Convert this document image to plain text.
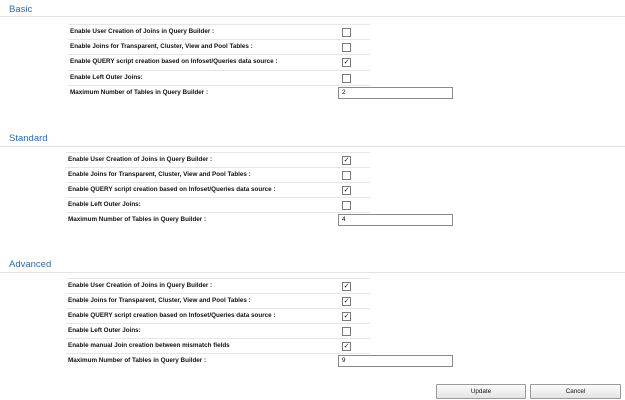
Basic
Enable User Creation of Joins in Query Builder :
Enable Joins for Transparent, Cluster, View and Pool Tables :
Enable QUERY script creation based on Infoset/Queries data source :	✓
Enable Left Outer Joins:
Maximum Number of Tables in Query Builder :	2
Standard
Enable User Creation of Joins in Query Builder :	✓
Enable Joins for Transparent, Cluster, View and Pool Tables :
Enable QUERY script creation based on Infoset/Queries data source :	✓
Enable Left Outer Joins:
Maximum Number of Tables in Query Builder :	4
Advanced
Enable User Creation of Joins in Query Builder :	✓
Enable Joins for Transparent, Cluster, View and Pool Tables :	✓
Enable QUERY script creation based on Infoset/Queries data source :	✓
Enable Left Outer Joins:
Enable manual Join creation between mismatch fields	✓
Maximum Number of Tables in Query Builder :	9
Update	Cancel
